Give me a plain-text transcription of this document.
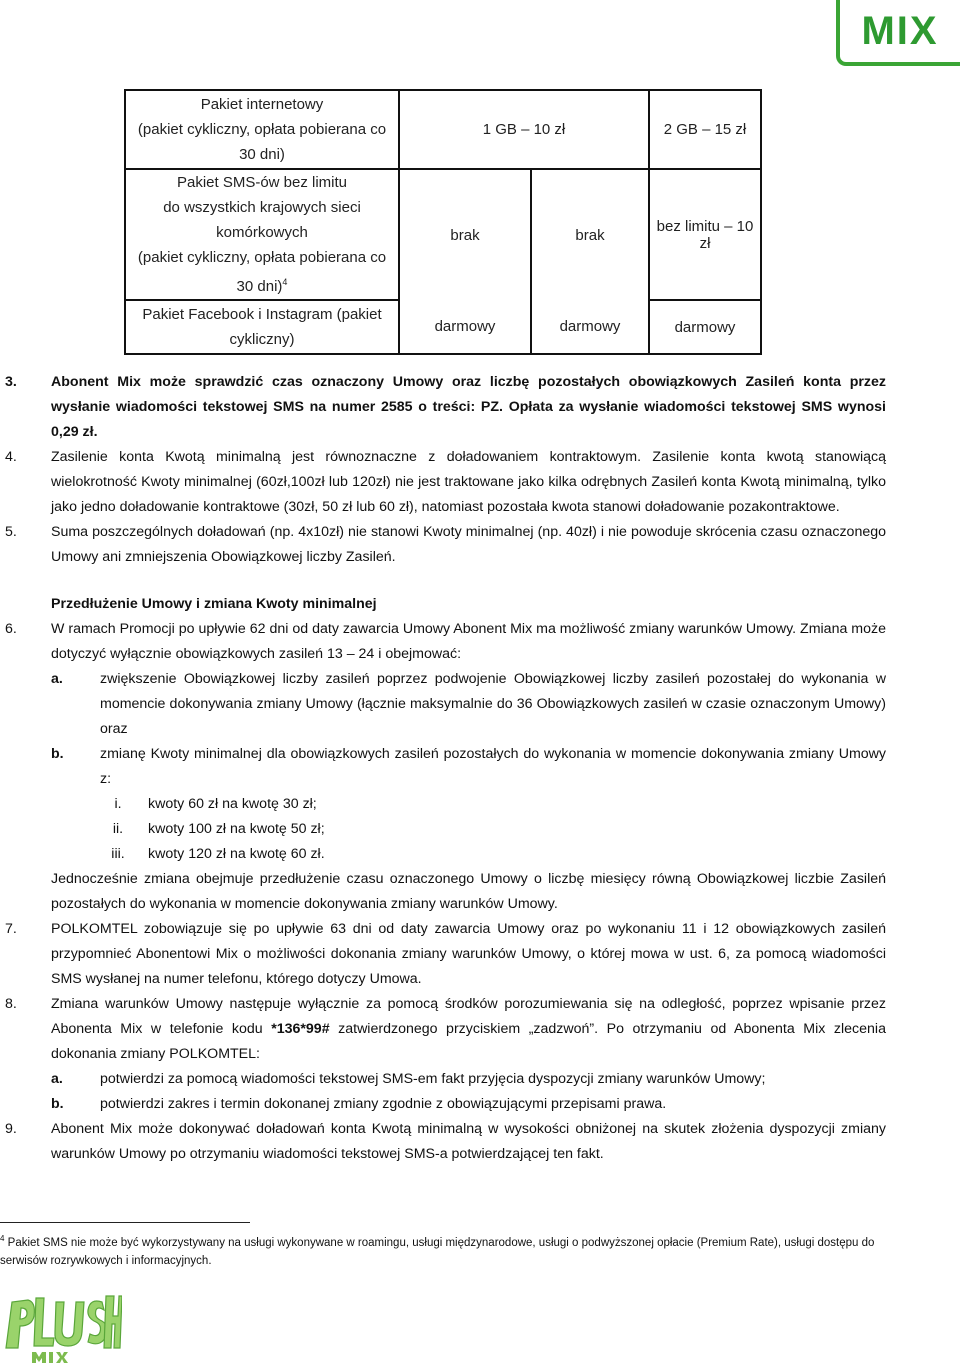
MIX
Pakiet internetowy
(pakiet cykliczny, opłata pobierana co
30 dni)	1 GB – 10 zł		2 GB – 15 zł

Pakiet SMS-ów bez limitu
do wszystkich krajowych sieci
komórkowych
(pakiet cykliczny, opłata pobierana co
30 dni)$^4$	brak	brak	bez limitu – 10 zł

Pakiet Facebook i Instagram (pakiet
cykliczny)	darmowy	darmowy	darmowy
3. Abonent Mix może sprawdzić czas oznaczony Umowy oraz liczbę pozostałych obowiązkowych Zasileń konta przez wysłanie wiadomości tekstowej SMS na numer 2585 o treści: PZ. Opłata za wysłanie wiadomości tekstowej SMS wynosi 0,29 zł.
4. Zasilenie konta Kwotą minimalną jest równoznaczne z doładowaniem kontraktowym. Zasilenie konta kwotą stanowiącą wielokrotność Kwoty minimalnej (60zł,100zł lub 120zł) nie jest traktowane jako kilka odrębnych Zasileń konta Kwotą minimalną, tylko jako jedno doładowanie kontraktowe (30zł, 50 zł lub 60 zł), natomiast pozostała kwota stanowi doładowanie pozakontraktowe.
5. Suma poszczególnych doładowań (np. 4x10zł) nie stanowi Kwoty minimalnej (np. 40zł) i nie powoduje skrócenia czasu oznaczonego Umowy ani zmniejszenia Obowiązkowej liczby Zasileń.
Przedłużenie Umowy i zmiana Kwoty minimalnej
6. W ramach Promocji po upływie 62 dni od daty zawarcia Umowy Abonent Mix ma możliwość zmiany warunków Umowy. Zmiana może dotyczyć wyłącznie obowiązkowych zasileń 13 – 24 i obejmować:
a.	zwiększenie Obowiązkowej liczby zasileń poprzez podwojenie Obowiązkowej liczby zasileń pozostałej do wykonania w momencie dokonywania zmiany Umowy (łącznie maksymalnie do 36 Obowiązkowych zasileń w czasie oznaczonym Umowy) oraz
b.	zmianę Kwoty minimalnej dla obowiązkowych zasileń pozostałych do wykonania w momencie dokonywania zmiany Umowy z:
i.	kwoty 60 zł na kwotę 30 zł;
ii.	kwoty 100 zł na kwotę 50 zł;
iii.	kwoty 120 zł na kwotę 60 zł.
Jednocześnie zmiana obejmuje przedłużenie czasu oznaczonego Umowy o liczbę miesięcy równą Obowiązkowej liczbie Zasileń pozostałych do wykonania w momencie dokonywania zmiany warunków Umowy.
7. POLKOMTEL zobowiązuje się po upływie 63 dni od daty zawarcia Umowy oraz po wykonaniu 11 i 12 obowiązkowych zasileń przypomnieć Abonentowi Mix o możliwości dokonania zmiany warunków Umowy, o której mowa w ust. 6, za pomocą wiadomości SMS wysłanej na numer telefonu, którego dotyczy Umowa.
8. Zmiana warunków Umowy następuje wyłącznie za pomocą środków porozumiewania się na odległość, poprzez wpisanie przez Abonenta Mix w telefonie kodu *136*99# zatwierdzonego przyciskiem „zadzwoń”. Po otrzymaniu od Abonenta Mix zlecenia dokonania zmiany POLKOMTEL:
a.	potwierdzi za pomocą wiadomości tekstowej SMS-em fakt przyjęcia dyspozycji zmiany warunków Umowy;
b.	potwierdzi zakres i termin dokonanej zmiany zgodnie z obowiązującymi przepisami prawa.
9. Abonent Mix może dokonywać doładowań konta Kwotą minimalną w wysokości obniżonej na skutek złożenia dyspozycji zmiany warunków Umowy po otrzymaniu wiadomości tekstowej SMS-a potwierdzającej ten fakt.
$^4$ Pakiet SMS nie może być wykorzystywany na usługi wykonywane w roamingu, usługi międzynarodowe, usługi o podwyższonej opłacie (Premium Rate), usługi dostępu do serwisów rozrywkowych i informacyjnych.
